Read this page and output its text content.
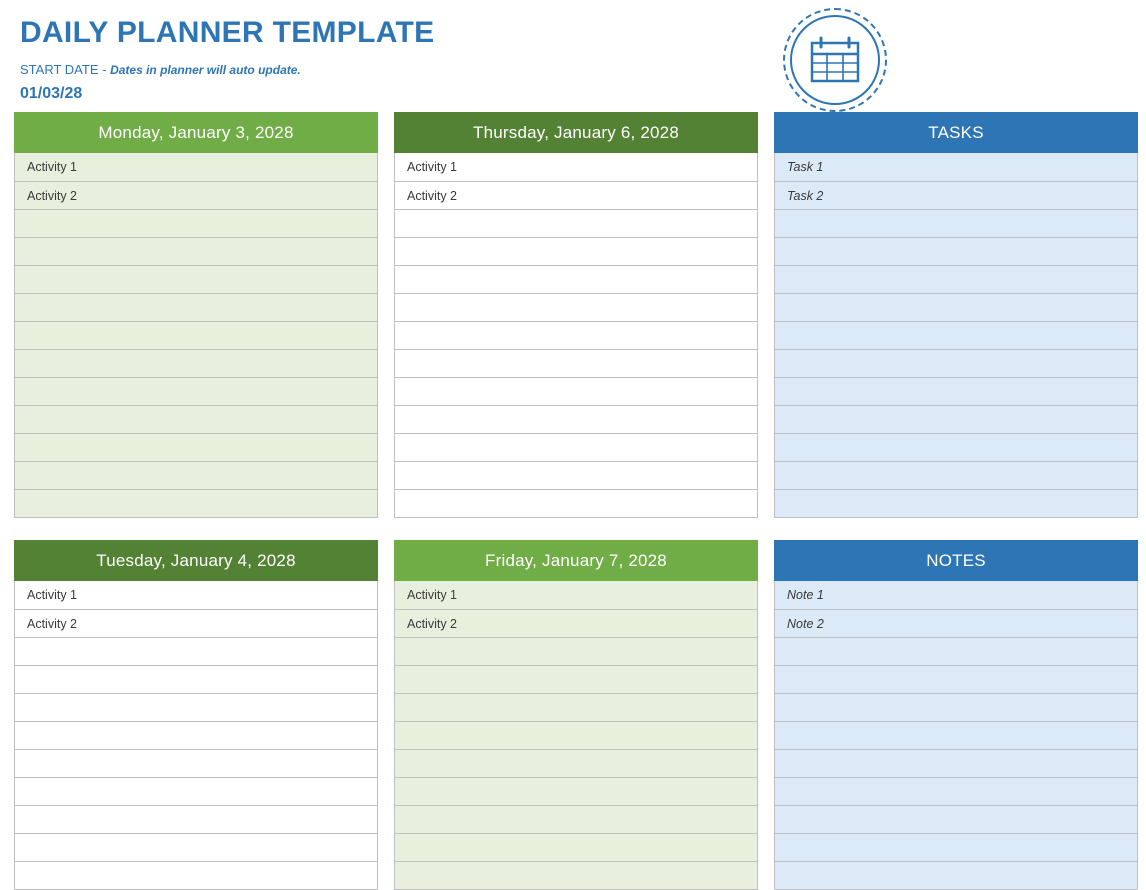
DAILY PLANNER TEMPLATE
START DATE - Dates in planner will auto update.
01/03/28
Monday, January 3, 2028
Activity 1
Activity 2
Thursday, January 6, 2028
Activity 1
Activity 2
TASKS
Task 1
Task 2
Tuesday, January 4, 2028
Activity 1
Activity 2
Friday, January 7, 2028
Activity 1
Activity 2
NOTES
Note 1
Note 2
